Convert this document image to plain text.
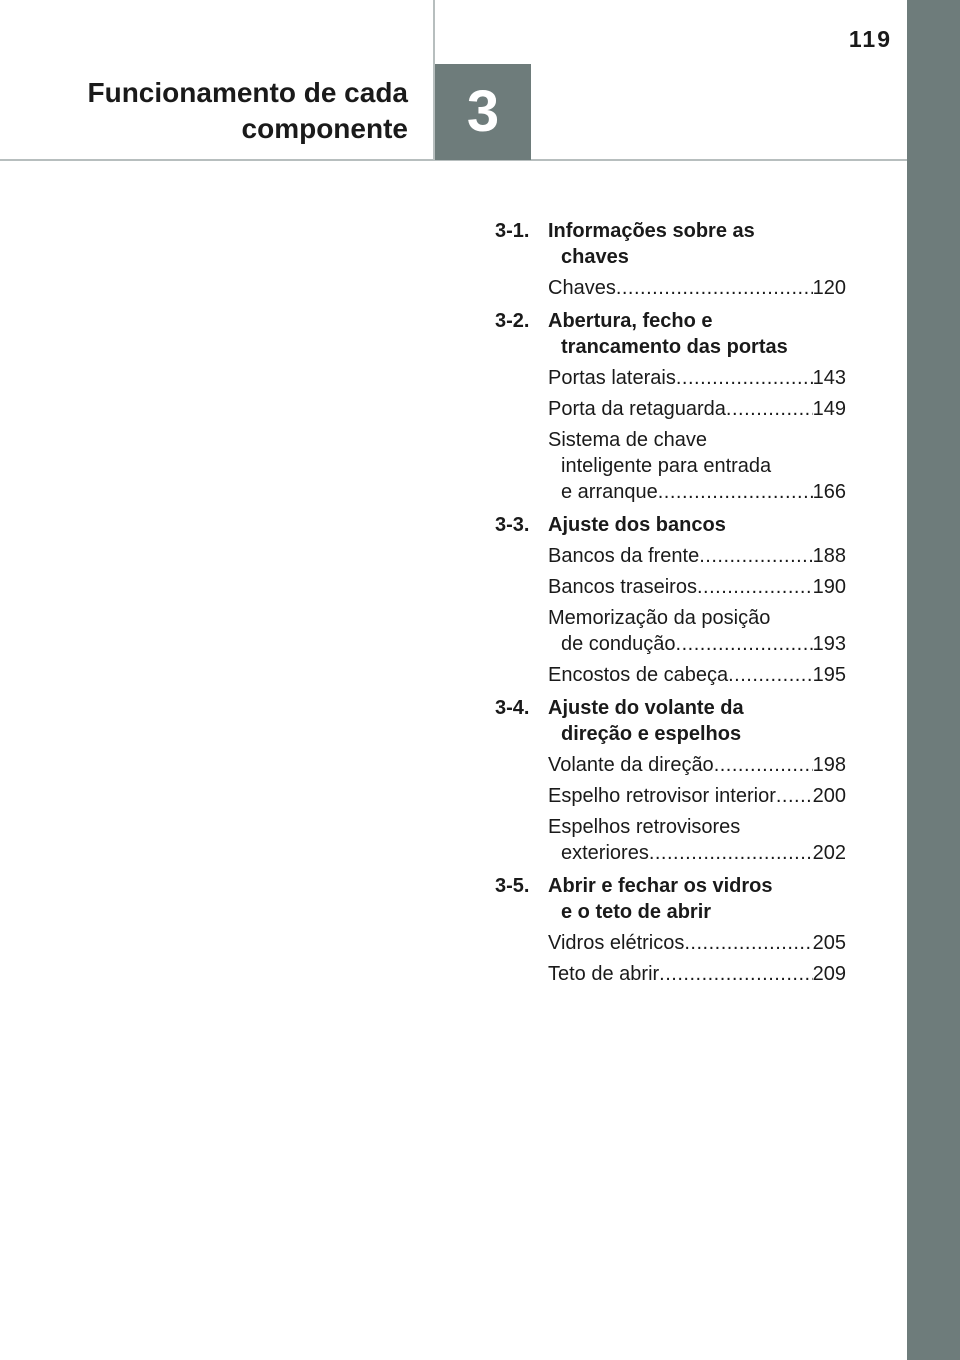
119
Funcionamento de cada
componente	3
3-1. Informações sobre as
chaves
Chaves .....	120
3-2. Abertura, fecho e
trancamento das portas
Portas laterais .....	143
Porta da retaguarda .....	149
Sistema de chave
inteligente para entrada
e arranque .....	166
3-3. Ajuste dos bancos
Bancos da frente .....	188
Bancos traseiros .....	190
Memorização da posição
de condução .....	193
Encostos de cabeça .....	195
3-4. Ajuste do volante da
direção e espelhos
Volante da direção .....	198
Espelho retrovisor interior ..... 200
Espelhos retrovisores
exteriores .....	202
3-5. Abrir e fechar os vidros
e o teto de abrir
Vidros elétricos .....	205
Teto de abrir .....	209
